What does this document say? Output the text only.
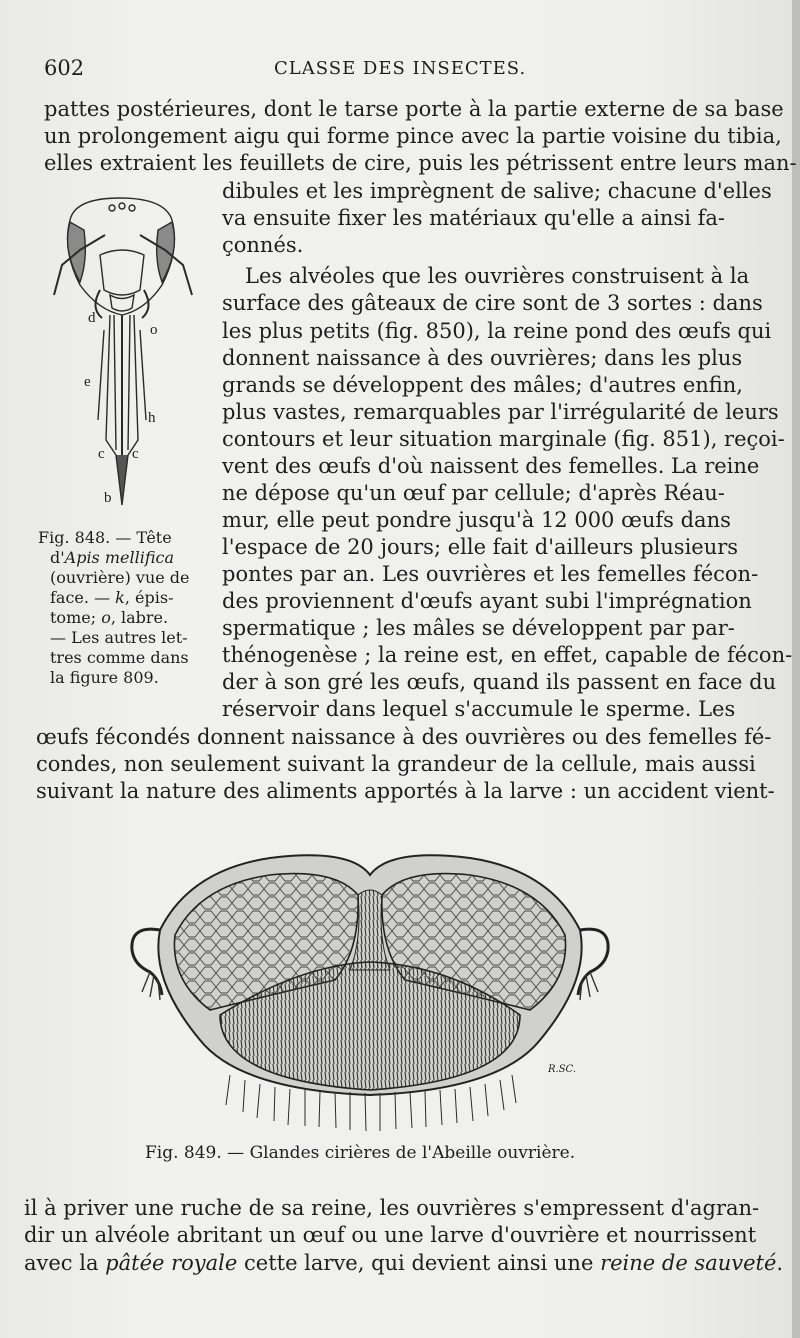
602	CLASSE DES INSECTES.
pattes postérieures, dont le tarse porte à la partie externe de sa base
un prolongement aigu qui forme pince avec la partie voisine du tibia,
elles extraient les feuillets de cire, puis les pétrissent entre leurs man-
dibules et les imprègnent de salive; chacune d'elles
va ensuite fixer les matériaux qu'elle a ainsi fa-
çonnés.
Les alvéoles que les ouvrières construisent à la
surface des gâteaux de cire sont de 3 sortes : dans
les plus petits (fig. 850), la reine pond des œufs qui
donnent naissance à des ouvrières; dans les plus
grands se développent des mâles; d'autres enfin,
plus vastes, remarquables par l'irrégularité de leurs
contours et leur situation marginale (fig. 851), reçoi-
vent des œufs d'où naissent des femelles. La reine
ne dépose qu'un œuf par cellule; d'après Réau-
mur, elle peut pondre jusqu'à 12 000 œufs dans
l'espace de 20 jours; elle fait d'ailleurs plusieurs
pontes par an. Les ouvrières et les femelles fécon-
des proviennent d'œufs ayant subi l'imprégnation
spermatique ; les mâles se développent par par-
thénogenèse ; la reine est, en effet, capable de fécon-
der à son gré les œufs, quand ils passent en face du
réservoir dans lequel s'accumule le sperme. Les
œufs fécondés donnent naissance à des ouvrières ou des femelles fé-
condes, non seulement suivant la grandeur de la cellule, mais aussi
suivant la nature des aliments apportés à la larve : un accident vient-
d
o
e
h
c c
b
Fig. 848. — Tête
d'Apis mellifica
(ouvrière) vue de
face. — k, épis-
tome; o, labre.
— Les autres let-
tres comme dans
la figure 809.
R.SC.
Fig. 849. — Glandes cirières de l'Abeille ouvrière.
il à priver une ruche de sa reine, les ouvrières s'empressent d'agran-
dir un alvéole abritant un œuf ou une larve d'ouvrière et nourrissent
avec la pâtée royale cette larve, qui devient ainsi une reine de sauveté.
